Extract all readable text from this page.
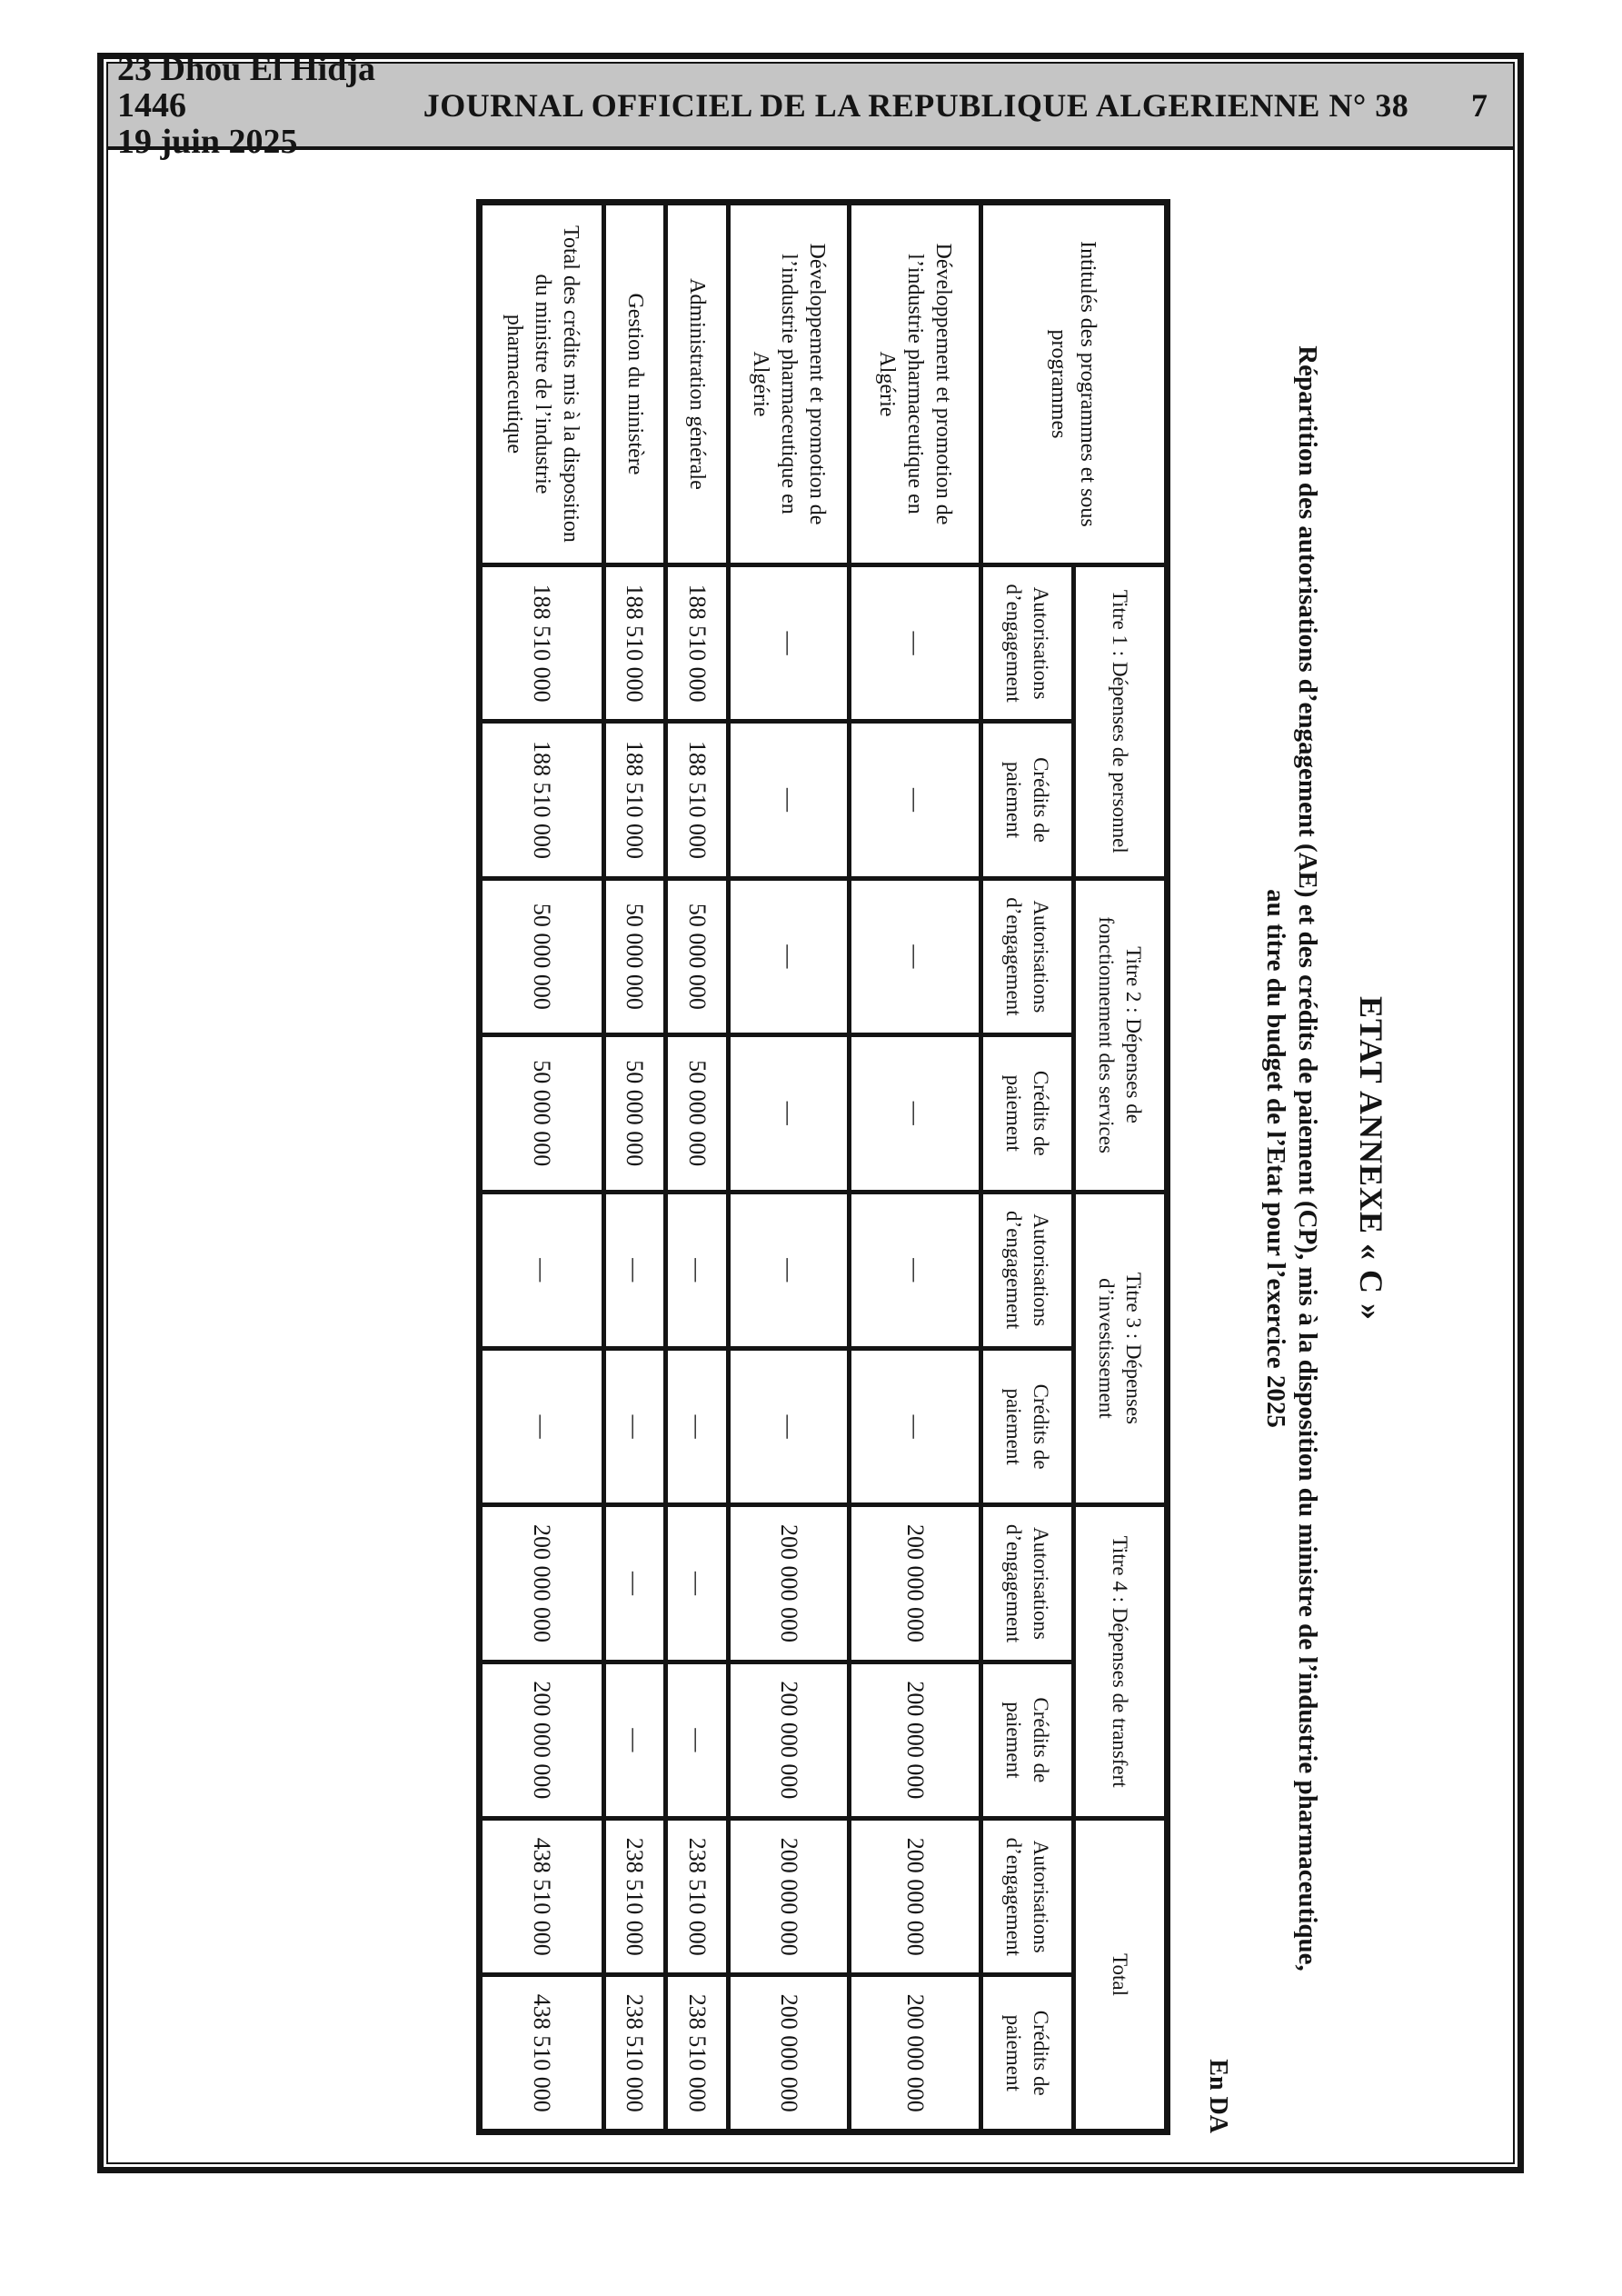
23 Dhou El Hidja 1446
19 juin 2025
JOURNAL OFFICIEL DE LA REPUBLIQUE ALGERIENNE N° 38	7
ETAT ANNEXE « C »
Répartition des autorisations d’engagement (AE) et des crédits de paiement (CP), mis à la disposition du ministre de l’industrie pharmaceutique,
au titre du budget de l’Etat pour l’exercice 2025
En DA
Intitulés des programmes et sous programmes	Titre 1 : Dépenses de personnel		Titre 2 : Dépenses de fonctionnement des services		Titre 3 : Dépenses d’investissement		Titre 4 : Dépenses de transfert		Total	
	Autorisations d’engagement	Crédits de paiement	Autorisations d’engagement	Crédits de paiement	Autorisations d’engagement	Crédits de paiement	Autorisations d’engagement	Crédits de paiement	Autorisations d’engagement	Crédits de paiement
Développement et promotion de l’industrie pharmaceutique en Algérie	—	—	—	—	—	—	200 000 000	200 000 000	200 000 000	200 000 000
Développement et promotion de l’industrie pharmaceutique en Algérie	—	—	—	—	—	—	200 000 000	200 000 000	200 000 000	200 000 000
Administration générale	188 510 000	188 510 000	50 000 000	50 000 000	—	—	—	—	238 510 000	238 510 000
Gestion du ministère	188 510 000	188 510 000	50 000 000	50 000 000	—	—	—	—	238 510 000	238 510 000
Total des crédits mis à la disposition du ministre de l’industrie pharmaceutique	188 510 000	188 510 000	50 000 000	50 000 000	—	—	200 000 000	200 000 000	438 510 000	438 510 000
